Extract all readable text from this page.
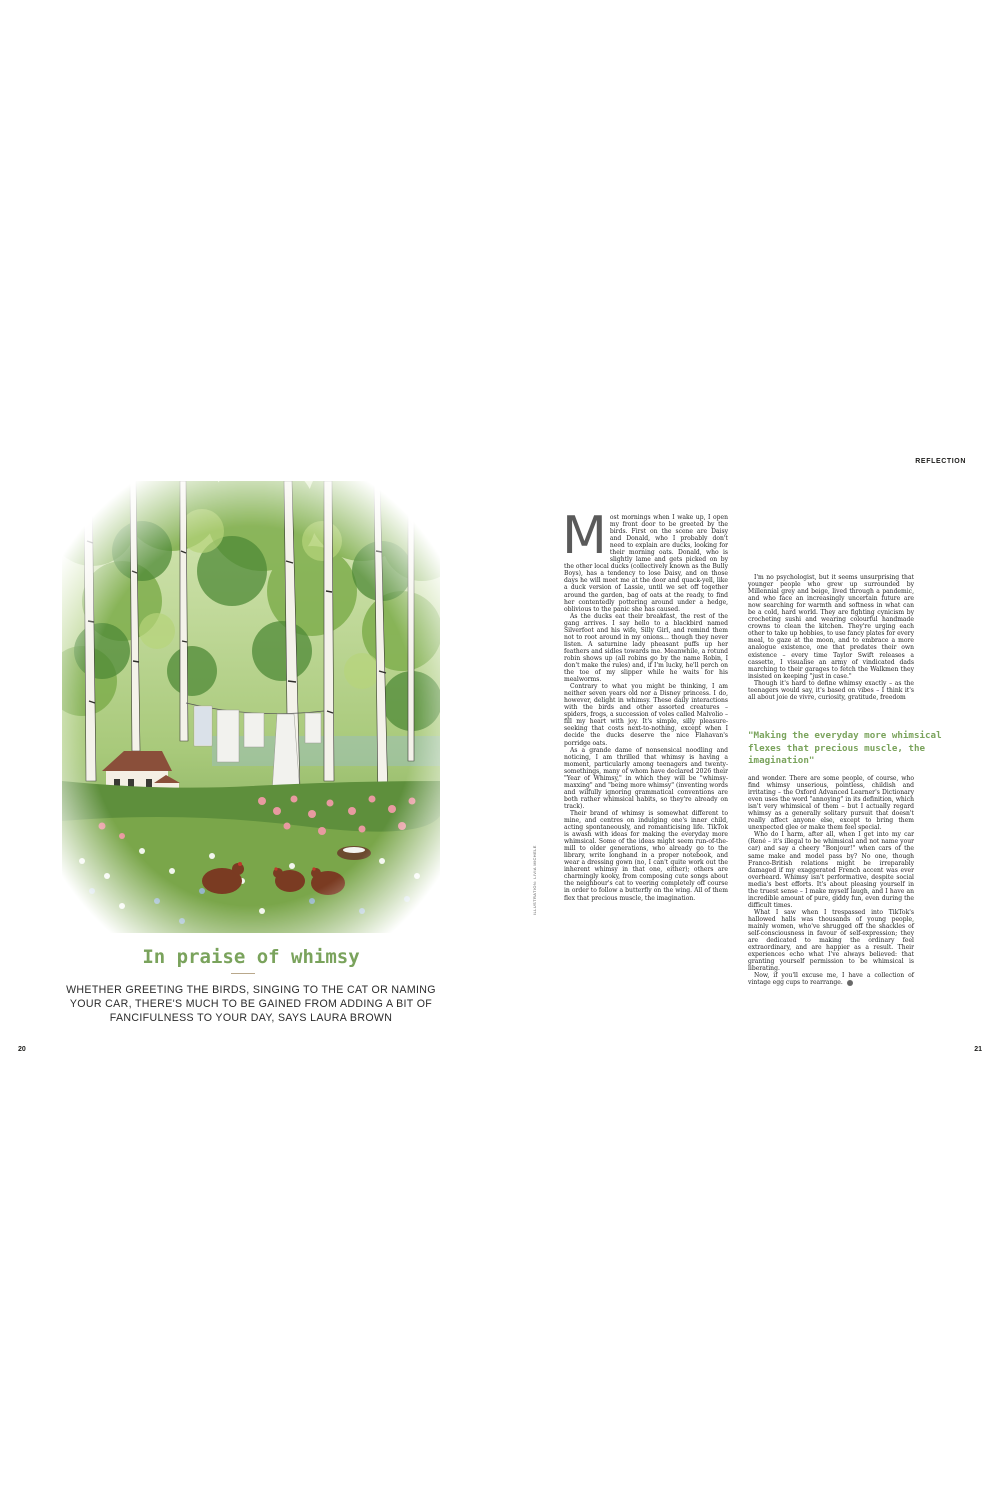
REFLECTION
In praise of whimsy
WHETHER GREETING THE BIRDS, SINGING TO THE CAT OR NAMING YOUR CAR, THERE'S MUCH TO BE GAINED FROM ADDING A BIT OF FANCIFULNESS TO YOUR DAY, SAYS LAURA BROWN
ILLUSTRATION: LIVIA MICHELE
M ost mornings when I wake up, I open my front door to be greeted by the birds. First on the scene are Daisy and Donald, who I probably don't need to explain are ducks, looking for their morning oats. Donald, who is slightly lame and gets picked on by the other local ducks (collectively known as the Bully Boys), has a tendency to lose Daisy, and on those days he will meet me at the door and quack-yell, like a duck version of Lassie, until we set off together around the garden, bag of oats at the ready, to find her contentedly pottering around under a hedge, oblivious to the panic she has caused.

As the ducks eat their breakfast, the rest of the gang arrives. I say hello to a blackbird named Silverfoot and his wife, Silly Girl, and remind them not to root around in my onions… though they never listen. A saturnine lady pheasant puffs up her feathers and sidles towards me. Meanwhile, a rotund robin shows up (all robins go by the name Robin, I don't make the rules) and, if I'm lucky, he'll perch on the toe of my slipper while he waits for his mealworms.

Contrary to what you might be thinking, I am neither seven years old nor a Disney princess. I do, however, delight in whimsy. These daily interactions with the birds and other assorted creatures – spiders, frogs, a succession of voles called Malvolio – fill my heart with joy. It's simple, silly pleasure-seeking that costs next-to-nothing, except when I decide the ducks deserve the nice Flahavan's porridge oats.

As a grande dame of nonsensical noodling and noticing, I am thrilled that whimsy is having a moment, particularly among teenagers and twenty-somethings, many of whom have declared 2026 their "Year of Whimsy," in which they will be "whimsy-maxxing" and "being more whimsy" (inventing words and wilfully ignoring grammatical conventions are both rather whimsical habits, so they're already on track).

Their brand of whimsy is somewhat different to mine, and centres on indulging one's inner child, acting spontaneously, and romanticising life. TikTok is awash with ideas for making the everyday more whimsical. Some of the ideas might seem run-of-the-mill to older generations, who already go to the library, write longhand in a proper notebook, and wear a dressing gown (no, I can't quite work out the inherent whimsy in that one, either); others are charmingly kooky, from composing cute songs about the neighbour's cat to veering completely off course in order to follow a butterfly on the wing. All of them flex that precious muscle, the imagination.

I'm no psychologist, but it seems unsurprising that younger people who grew up surrounded by Millennial grey and beige, lived through a pandemic, and who face an increasingly uncertain future are now searching for warmth and softness in what can be a cold, hard world. They are fighting cynicism by crocheting sushi and wearing colourful handmade crowns to clean the kitchen. They're urging each other to take up hobbies, to use fancy plates for every meal, to gaze at the moon, and to embrace a more analogue existence, one that predates their own existence – every time Taylor Swift releases a cassette, I visualise an army of vindicated dads marching to their garages to fetch the Walkmen they insisted on keeping "just in case."

Though it's hard to define whimsy exactly – as the teenagers would say, it's based on vibes – I think it's all about joie de vivre, curiosity, gratitude, freedom

"Making the everyday more whimsical flexes that precious muscle, the imagination"

and wonder. There are some people, of course, who find whimsy unserious, pointless, childish and irritating – the Oxford Advanced Learner's Dictionary even uses the word "annoying" in its definition, which isn't very whimsical of them – but I actually regard whimsy as a generally solitary pursuit that doesn't really affect anyone else, except to bring them unexpected glee or make them feel special.

Who do I harm, after all, when I get into my car (René – it's illegal to be whimsical and not name your car) and say a cheery "Bonjour!" when cars of the same make and model pass by? No one, though Franco-British relations might be irreparably damaged if my exaggerated French accent was ever overheard. Whimsy isn't performative, despite social media's best efforts. It's about pleasing yourself in the truest sense – I make myself laugh, and I have an incredible amount of pure, giddy fun, even during the difficult times.

What I saw when I trespassed into TikTok's hallowed halls was thousands of young people, mainly women, who've shrugged off the shackles of self-consciousness in favour of self-expression; they are dedicated to making the ordinary feel extraordinary, and are happier as a result. Their experiences echo what I've always believed: that granting yourself permission to be whimsical is liberating.

Now, if you'll excuse me, I have a collection of vintage egg cups to rearrange.

20	21
